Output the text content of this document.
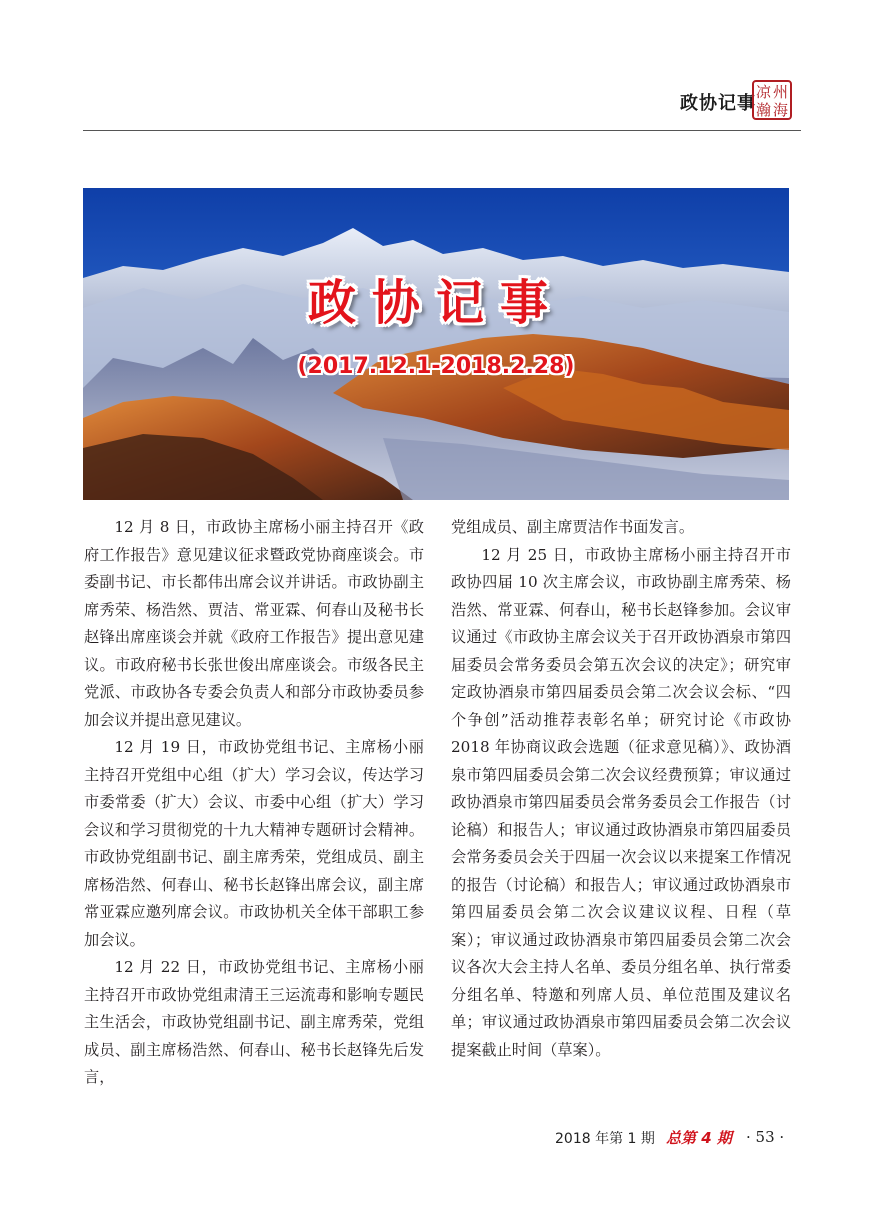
政协记事
凉 州
瀚 海
政协记事
(2017.12.1-2018.2.28)

12 月 8 日，市政协主席杨小丽主持召开《政府工作报告》意见建议征求暨政党协商座谈会。市委副书记、市长都伟出席会议并讲话。市政协副主席秀荣、杨浩然、贾洁、常亚霖、何春山及秘书长赵锋出席座谈会并就《政府工作报告》提出意见建议。市政府秘书长张世俊出席座谈会。市级各民主党派、市政协各专委会负责人和部分市政协委员参加会议并提出意见建议。

12 月 19 日，市政协党组书记、主席杨小丽主持召开党组中心组（扩大）学习会议，传达学习市委常委（扩大）会议、市委中心组（扩大）学习会议和学习贯彻党的十九大精神专题研讨会精神。市政协党组副书记、副主席秀荣，党组成员、副主席杨浩然、何春山、秘书长赵锋出席会议，副主席常亚霖应邀列席会议。市政协机关全体干部职工参加会议。

12 月 22 日，市政协党组书记、主席杨小丽主持召开市政协党组肃清王三运流毒和影响专题民主生活会，市政协党组副书记、副主席秀荣，党组成员、副主席杨浩然、何春山、秘书长赵锋先后发言，

党组成员、副主席贾洁作书面发言。

12 月 25 日，市政协主席杨小丽主持召开市政协四届 10 次主席会议，市政协副主席秀荣、杨浩然、常亚霖、何春山，秘书长赵锋参加。会议审议通过《市政协主席会议关于召开政协酒泉市第四届委员会常务委员会第五次会议的决定》；研究审定政协酒泉市第四届委员会第二次会议会标、“四个争创”活动推荐表彰名单；研究讨论《市政协 2018 年协商议政会选题（征求意见稿）》、政协酒泉市第四届委员会第二次会议经费预算；审议通过政协酒泉市第四届委员会常务委员会工作报告（讨论稿）和报告人；审议通过政协酒泉市第四届委员会常务委员会关于四届一次会议以来提案工作情况的报告（讨论稿）和报告人；审议通过政协酒泉市第四届委员会第二次会议建议议程、日程（草案）；审议通过政协酒泉市第四届委员会第二次会议各次大会主持人名单、委员分组名单、执行常委分组名单、特邀和列席人员、单位范围及建议名单；审议通过政协酒泉市第四届委员会第二次会议提案截止时间（草案）。

2018 年第 1 期 总第 4 期 · 53 ·
